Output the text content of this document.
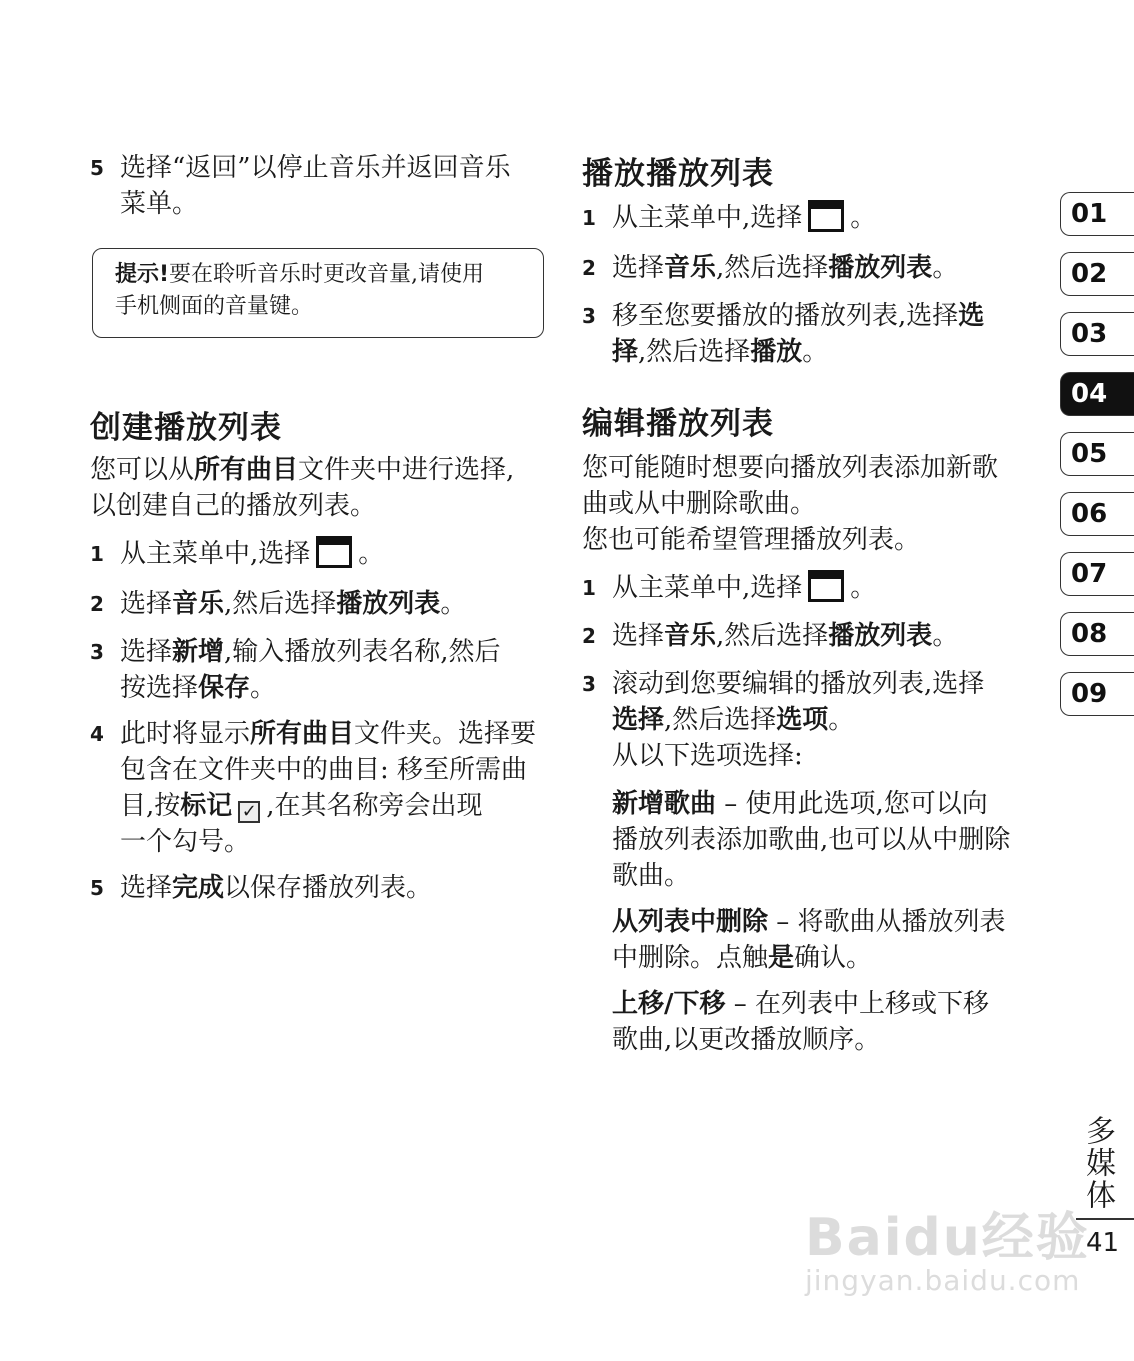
5 选择“返回”以停止音乐并返回音乐
菜单。
提示!要在聆听音乐时更改音量,请使用
手机侧面的音量键。
创建播放列表
您可以从所有曲目文件夹中进行选择,
以创建自己的播放列表。
1 从主菜单中,选择 ▘▘▘▘ 。
2 选择音乐,然后选择播放列表。
3 选择新增,输入播放列表名称,然后
按选择保存。
4 此时将显示所有曲目文件夹。选择要
包含在文件夹中的曲目: 移至所需曲
目,按标记 ✓ ,在其名称旁会出现
一个勾号。
5 选择完成以保存播放列表。
播放播放列表
1 从主菜单中,选择 ▘▘▘▘ 。
2 选择音乐,然后选择播放列表。
3 移至您要播放的播放列表,选择选
择,然后选择播放。
编辑播放列表
您可能随时想要向播放列表添加新歌
曲或从中删除歌曲。
您也可能希望管理播放列表。
1 从主菜单中,选择 ▘▘▘▘ 。
2 选择音乐,然后选择播放列表。
3 滚动到您要编辑的播放列表,选择
选择,然后选择选项。
从以下选项选择:
新增歌曲 – 使用此选项,您可以向
播放列表添加歌曲,也可以从中删除
歌曲。
从列表中删除 – 将歌曲从播放列表
中删除。点触是确认。
上移/下移 – 在列表中上移或下移
歌曲,以更改播放顺序。
01
02
03
04
05
06
07
08
09
多媒体
41
Baidu经验
jingyan.baidu.com
